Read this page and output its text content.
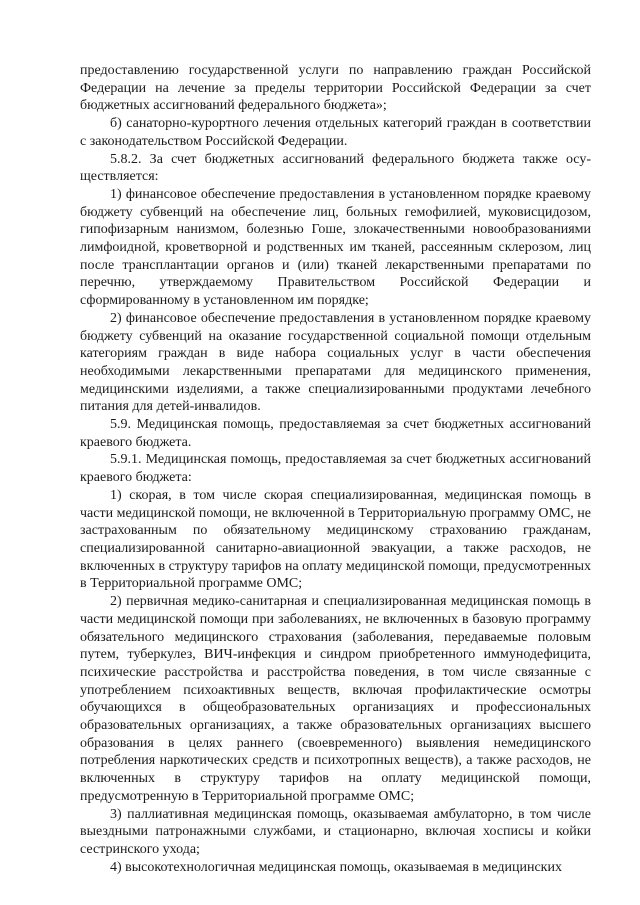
предоставлению государственной услуги по направлению граждан Российской Федерации на лечение за пределы территории Российской Федерации за счет бюджетных ассигнований федерального бюджета»;

б) санаторно-курортного лечения отдельных категорий граждан в соответствии с законодательством Российской Федерации.

5.8.2. За счет бюджетных ассигнований федерального бюджета также осуществляется:

1) финансовое обеспечение предоставления в установленном порядке краевому бюджету субвенций на обеспечение лиц, больных гемофилией, муковисцидозом, гипофизарным нанизмом, болезнью Гоше, злокачественными новообразованиями лимфоидной, кроветворной и родственных им тканей, рассеянным склерозом, лиц после трансплантации органов и (или) тканей лекарственными препаратами по перечню, утверждаемому Правительством Российской Федерации и сформированному в установленном им порядке;

2) финансовое обеспечение предоставления в установленном порядке краевому бюджету субвенций на оказание государственной социальной помощи отдельным категориям граждан в виде набора социальных услуг в части обеспечения необходимыми лекарственными препаратами для медицинского применения, медицинскими изделиями, а также специализированными продуктами лечебного питания для детей-инвалидов.

5.9. Медицинская помощь, предоставляемая за счет бюджетных ассигнований краевого бюджета.

5.9.1. Медицинская помощь, предоставляемая за счет бюджетных ассигнований краевого бюджета:

1) скорая, в том числе скорая специализированная, медицинская помощь в части медицинской помощи, не включенной в Территориальную программу ОМС, не застрахованным по обязательному медицинскому страхованию гражданам, специализированной санитарно-авиационной эвакуации, а также расходов, не включенных в структуру тарифов на оплату медицинской помощи, предусмотренных в Территориальной программе ОМС;

2) первичная медико-санитарная и специализированная медицинская помощь в части медицинской помощи при заболеваниях, не включенных в базовую программу обязательного медицинского страхования (заболевания, передаваемые половым путем, туберкулез, ВИЧ-инфекция и синдром приобретенного иммунодефицита, психические расстройства и расстройства поведения, в том числе связанные с употреблением психоактивных веществ, включая профилактические осмотры обучающихся в общеобразовательных организациях и профессиональных образовательных организациях, а также образовательных организациях высшего образования в целях раннего (своевременного) выявления немедицинского потребления наркотических средств и психотропных веществ), а также расходов, не включенных в структуру тарифов на оплату медицинской помощи, предусмотренную в Территориальной программе ОМС;

3) паллиативная медицинская помощь, оказываемая амбулаторно, в том числе выездными патронажными службами, и стационарно, включая хосписы и койки сестринского ухода;

4) высокотехнологичная медицинская помощь, оказываемая в медицинских
